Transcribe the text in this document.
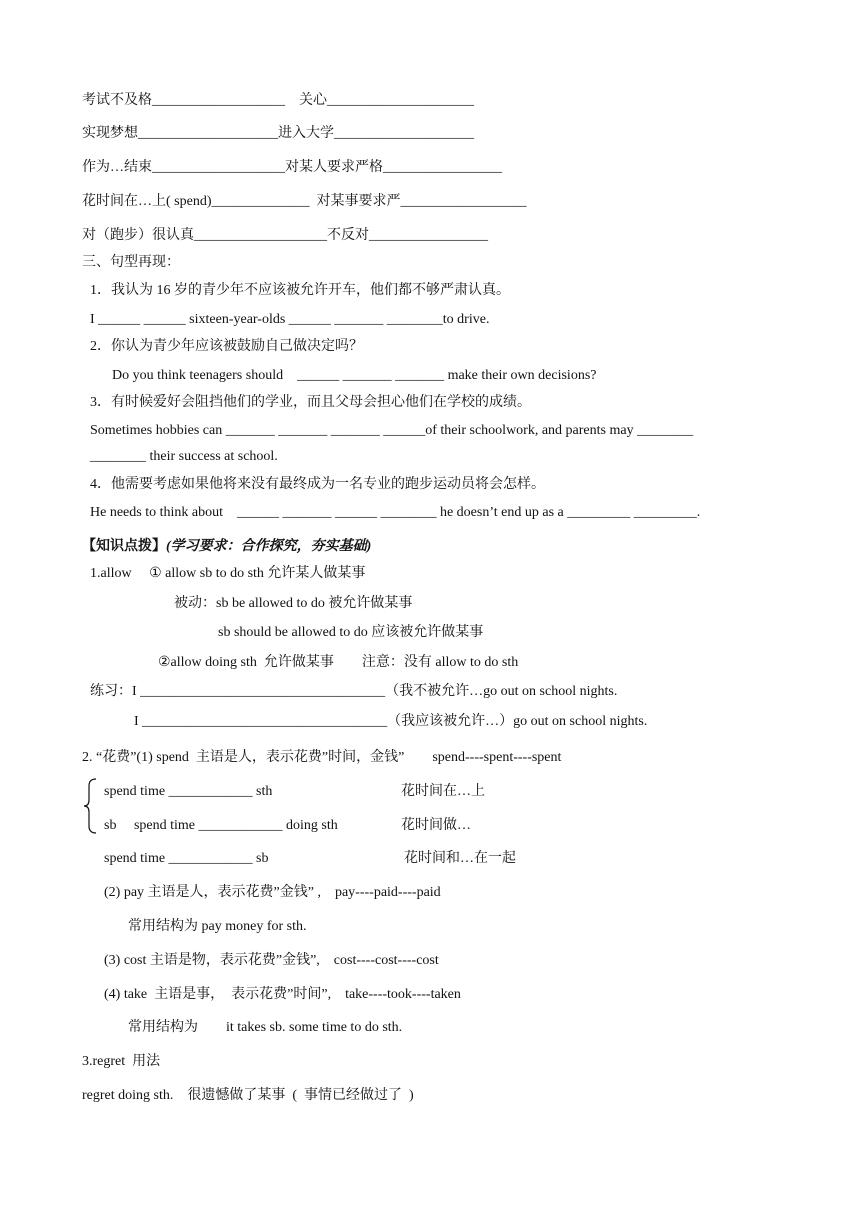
考试不及格___________________    关心_____________________
实现梦想____________________进入大学____________________
作为…结束___________________对某人要求严格_________________
花时间在…上( spend)______________  对某事要求严__________________
对（跑步）很认真___________________不反对_________________
三、句型再现：
1．我认为 16 岁的青少年不应该被允许开车，他们都不够严肃认真。
I ______ ______ sixteen-year-olds ______ _______ ________to drive.
2．你认为青少年应该被鼓励自己做决定吗？
Do you think teenagers should    ______ _______ _______ make their own decisions?
3．有时候爱好会阻挡他们的学业，而且父母会担心他们在学校的成绩。
Sometimes hobbies can _______ _______ _______ ______of their schoolwork, and parents may ________
________ their success at school.
4．他需要考虑如果他将来没有最终成为一名专业的跑步运动员将会怎样。
He needs to think about    ______ _______ ______ ________ he doesn’t end up as a _________ _________.
【知识点拨】(学习要求：合作探究，夯实基础)
1.allow     ① allow sb to do sth 允许某人做某事
被动：sb be allowed to do 被允许做某事
sb should be allowed to do 应该被允许做某事
②allow doing sth  允许做某事        注意：没有 allow to do sth
练习：I ___________________________________（我不被允许…go out on school nights.
I ___________________________________（我应该被允许…）go out on school nights.
2. “花费”(1) spend  主语是人，表示花费”时间，金钱”        spend----spent----spent
spend time ____________ sth	花时间在…上
sb     spend time ____________ doing sth	花时间做…
spend time ____________ sb	花时间和…在一起
(2) pay 主语是人，表示花费”金钱” ,    pay----paid----paid
常用结构为 pay money for sth.
(3) cost 主语是物，表示花费”金钱”,    cost----cost----cost
(4) take  主语是事，  表示花费”时间”,    take----took----taken
常用结构为        it takes sb. some time to do sth.
3.regret  用法
regret doing sth.    很遗憾做了某事  (  事情已经做过了  )
